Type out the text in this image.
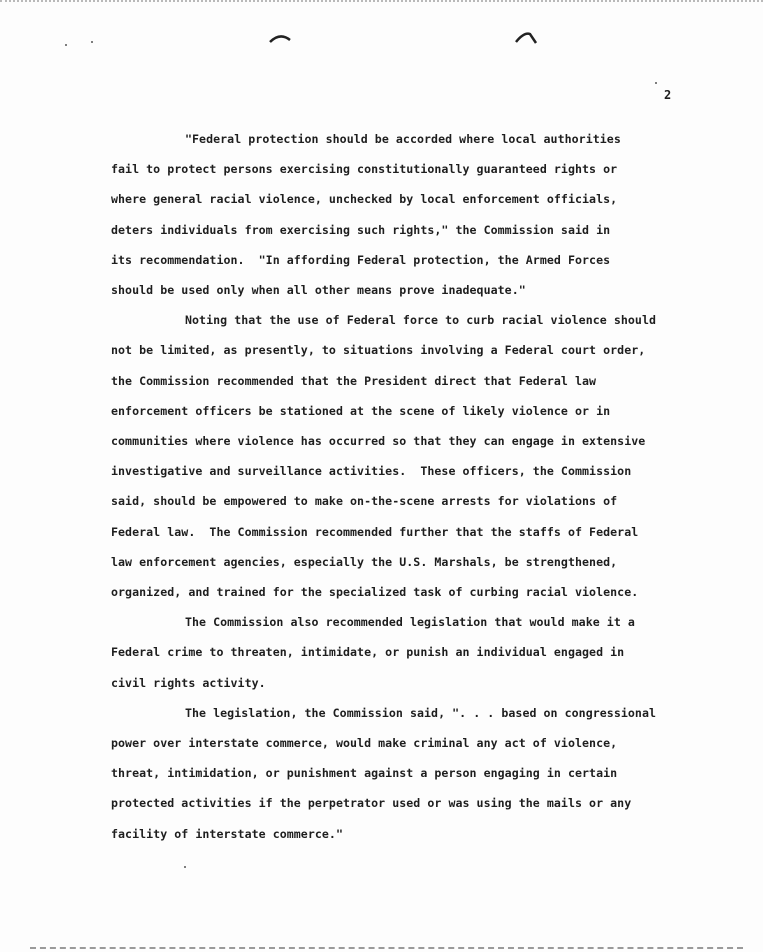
2

"Federal protection should be accorded where local authorities

fail to protect persons exercising constitutionally guaranteed rights or

where general racial violence, unchecked by local enforcement officials,

deters individuals from exercising such rights," the Commission said in

its recommendation.  "In affording Federal protection, the Armed Forces

should be used only when all other means prove inadequate."

Noting that the use of Federal force to curb racial violence should

not be limited, as presently, to situations involving a Federal court order,

the Commission recommended that the President direct that Federal law

enforcement officers be stationed at the scene of likely violence or in

communities where violence has occurred so that they can engage in extensive

investigative and surveillance activities.  These officers, the Commission

said, should be empowered to make on-the-scene arrests for violations of

Federal law.  The Commission recommended further that the staffs of Federal

law enforcement agencies, especially the U.S. Marshals, be strengthened,

organized, and trained for the specialized task of curbing racial violence.

The Commission also recommended legislation that would make it a

Federal crime to threaten, intimidate, or punish an individual engaged in

civil rights activity.

The legislation, the Commission said, ". . . based on congressional

power over interstate commerce, would make criminal any act of violence,

threat, intimidation, or punishment against a person engaging in certain

protected activities if the perpetrator used or was using the mails or any

facility of interstate commerce."
